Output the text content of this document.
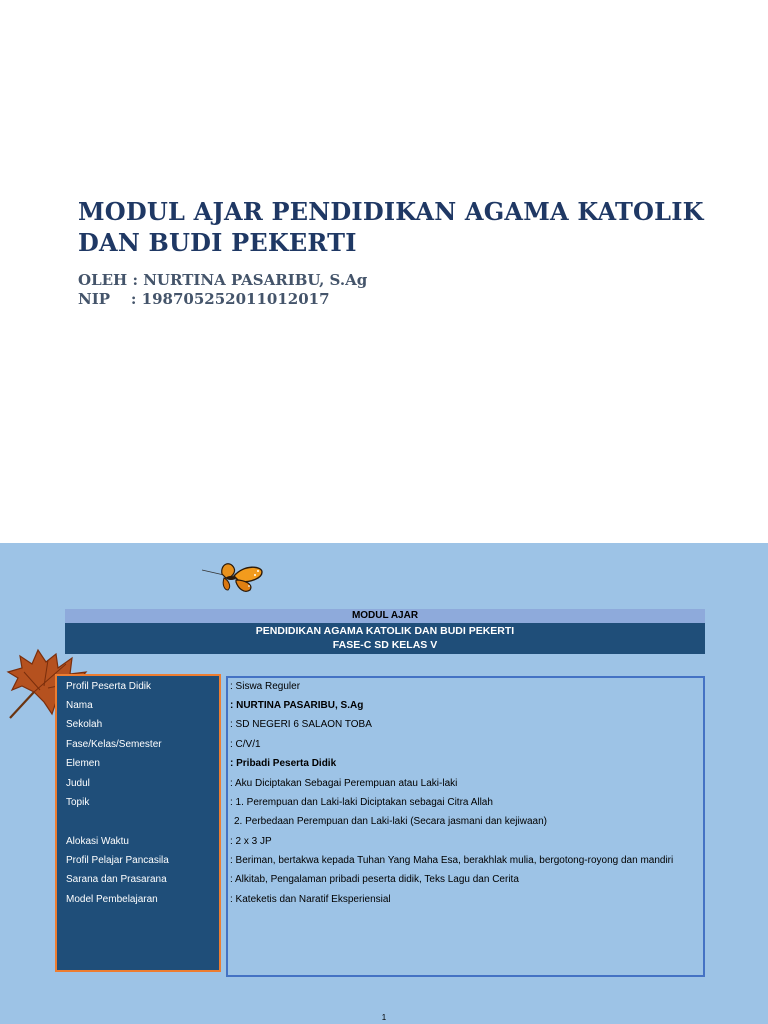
MODUL AJAR PENDIDIKAN AGAMA KATOLIK DAN BUDI PEKERTI
OLEH : NURTINA PASARIBU, S.Ag
NIP    : 198705252011012017
MODUL AJAR
PENDIDIKAN AGAMA KATOLIK DAN BUDI PEKERTI
FASE-C SD KELAS V
Profil Peserta Didik	: Siswa Reguler
Nama	: NURTINA PASARIBU, S.Ag
Sekolah	: SD NEGERI 6 SALAON TOBA
Fase/Kelas/Semester	: C/V/1
Elemen	: Pribadi Peserta Didik
Judul	: Aku Diciptakan Sebagai Perempuan atau Laki-laki
Topik	: 1. Perempuan dan Laki-laki Diciptakan sebagai Citra Allah
2. Perbedaan Perempuan dan Laki-laki (Secara jasmani dan kejiwaan)
Alokasi Waktu	: 2 x 3 JP
Profil Pelajar Pancasila	: Beriman, bertakwa kepada Tuhan Yang Maha Esa, berakhlak mulia, bergotong-royong dan mandiri
Sarana dan Prasarana	: Alkitab, Pengalaman pribadi peserta didik, Teks Lagu dan Cerita
Model Pembelajaran	: Kateketis dan Naratif Eksperiensial
1
